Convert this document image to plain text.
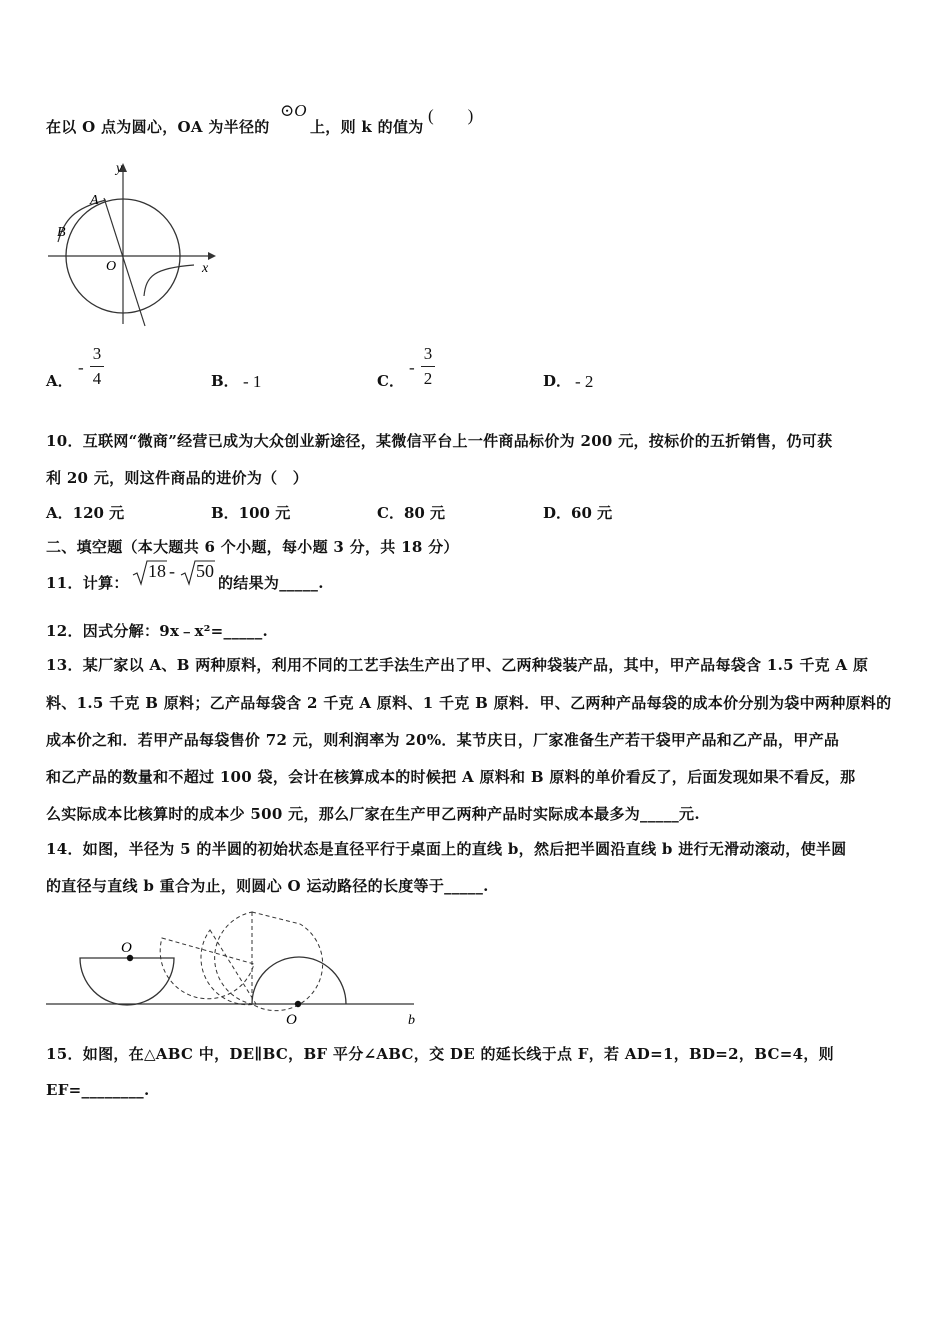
在以 O 点为圆心，OA 为半径的
⊙O
上，则 k 的值为
(　　)
y
x
O
A
B
A．
-
3
4	B． - 1	C．
-
3
2	D． - 2
10．互联网“微商”经营已成为大众创业新途径，某微信平台上一件商品标价为 200 元，按标价的五折销售，仍可获
利 20 元，则这件商品的进价为（　）
A．120 元	B．100 元	C．80 元	D．60 元
二、填空题（本大题共 6 个小题，每小题 3 分，共 18 分）
11．计算：
18 - 50
的结果为_____.
12．因式分解：9x﹣x²=_____.
13．某厂家以 A、B 两种原料，利用不同的工艺手法生产出了甲、乙两种袋装产品，其中，甲产品每袋含 1.5 千克 A 原
料、1.5 千克 B 原料；乙产品每袋含 2 千克 A 原料、1 千克 B 原料．甲、乙两种产品每袋的成本价分别为袋中两种原料的
成本价之和．若甲产品每袋售价 72 元，则利润率为 20%．某节庆日，厂家准备生产若干袋甲产品和乙产品，甲产品
和乙产品的数量和不超过 100 袋，会计在核算成本的时候把 A 原料和 B 原料的单价看反了，后面发现如果不看反，那
么实际成本比核算时的成本少 500 元，那么厂家在生产甲乙两种产品时实际成本最多为_____元.
14．如图，半径为 5 的半圆的初始状态是直径平行于桌面上的直线 b，然后把半圆沿直线 b 进行无滑动滚动，使半圆
的直径与直线 b 重合为止，则圆心 O 运动路径的长度等于_____.
O
O	b
15．如图，在△ABC 中，DE∥BC，BF 平分∠ABC，交 DE 的延长线于点 F，若 AD=1，BD=2，BC=4，则
EF=________.
